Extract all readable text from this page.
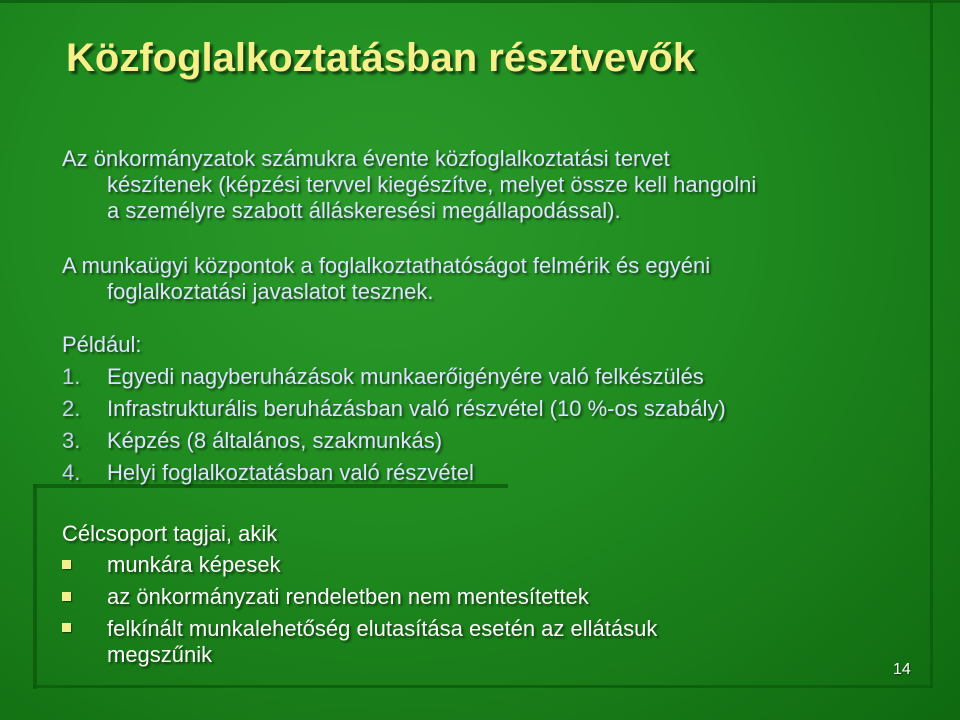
Közfoglalkoztatásban résztvevők
Az önkormányzatok számukra évente közfoglalkoztatási tervet
készítenek (képzési tervvel kiegészítve, melyet össze kell hangolni
a személyre szabott álláskeresési megállapodással).
A munkaügyi központok a foglalkoztathatóságot felmérik és egyéni
foglalkoztatási javaslatot tesznek.
Például:
1. Egyedi nagyberuházások munkaerőigényére való felkészülés
2. Infrastrukturális beruházásban való részvétel (10 %-os szabály)
3. Képzés (8 általános, szakmunkás)
4. Helyi foglalkoztatásban való részvétel
Célcsoport tagjai, akik
munkára képesek
az önkormányzati rendeletben nem mentesítettek
felkínált munkalehetőség elutasítása esetén az ellátásuk
megszűnik
14
